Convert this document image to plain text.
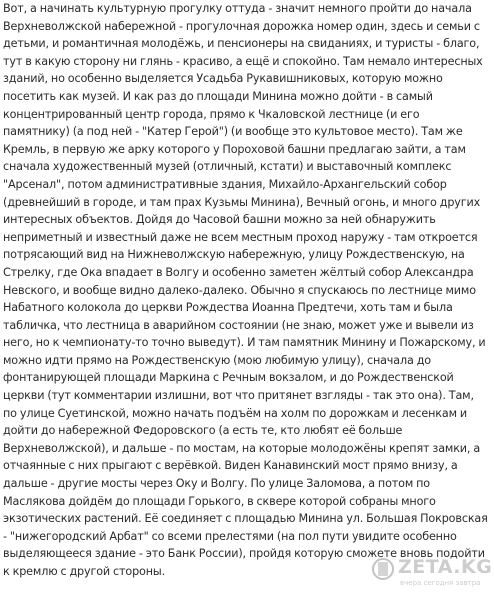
Вот, а начинать культурную прогулку оттуда - значит немного пройти до начала Верхневолжской набережной - прогулочная дорожка номер один, здесь и семьи с детьми, и романтичная молодёжь, и пенсионеры на свиданиях, и туристы - благо, тут в какую сторону ни глянь - красиво, а ещё и спокойно. Там немало интересных зданий, но особенно выделяется Усадьба Рукавишниковых, которую можно посетить как музей. И как раз до площади Минина можно дойти - в самый концентрированный центр города, прямо к Чкаловской лестнице (и его памятнику) (а под ней - "Катер Герой") (и вообще это культовое место). Там же Кремль, в первую же арку которого у Пороховой башни предлагаю зайти, а там сначала художественный музей (отличный, кстати) и выставочный комплекс "Арсенал", потом административные здания, Михайло-Архангельский собор (древнейший в городе, и там прах Кузьмы Минина), Вечный огонь, и много других интересных объектов. Дойдя до Часовой башни можно за ней обнаружить неприметный и известный даже не всем местным проход наружу - там откроется потрясающий вид на Нижневолжскую набережную, улицу Рождественскую, на Стрелку, где Ока впадает в Волгу и особенно заметен жёлтый собор Александра Невского, и вообще видно далеко-далеко. Обычно я спускаюсь по лестнице мимо Набатного колокола до церкви Рождества Иоанна Предтечи, хоть там и была табличка, что лестница в аварийном состоянии (не знаю, может уже и вывели из него, но к чемпионату-то точно выведут). И там памятник Минину и Пожарскому, и можно идти прямо на Рождественскую (мою любимую улицу), сначала до фонтанирующей площади Маркина с Речным вокзалом, и до Рождественской церкви (тут комментарии излишни, вот что притянет взгляды - так это она). Там, по улице Суетинской, можно начать подъём на холм по дорожкам и лесенкам и дойти до набережной Федоровского (а есть те, кто любят её больше Верхневолжской), и дальше - по мостам, на которые молодожёны крепят замки, а отчаянные с них прыгают с верёвкой. Виден Канавинский мост прямо внизу, а дальше - другие мосты через Оку и Волгу. По улице Заломова, а потом по Маслякова дойдём до площади Горького, в сквере которой собраны много экзотических растений. Её соединяет с площадью Минина ул. Большая Покровская - "нижегородский Арбат" со всеми прелестями (на пол пути увидите особенно выделяющееся здание - это Банк России), пройдя которую сможете вновь подойти к кремлю с другой стороны.	ZETA.KG
вчера сегодня завтра
